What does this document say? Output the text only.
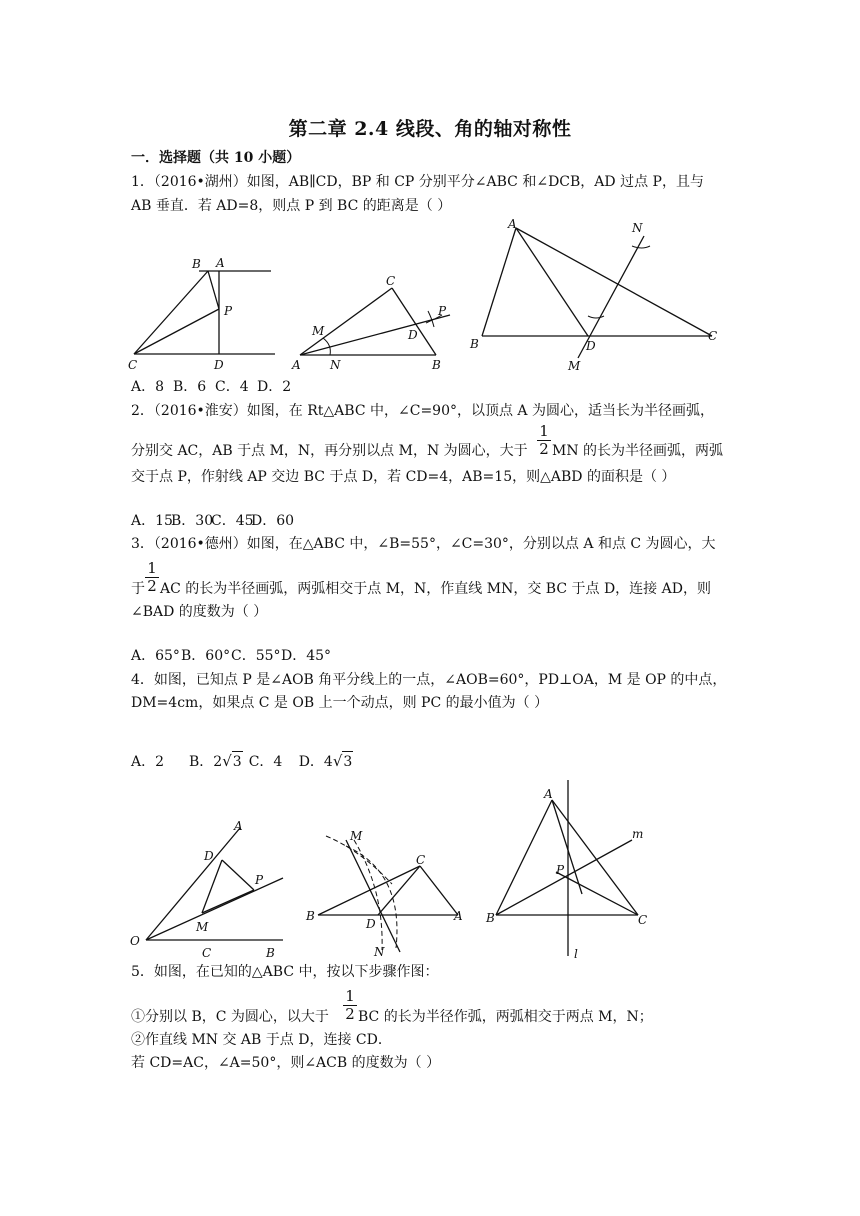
第二章 2.4 线段、角的轴对称性
一．选择题（共 10 小题）
1．（2016•湖州）如图，AB∥CD，BP 和 CP 分别平分∠ABC 和∠DCB，AD 过点 P，且与
AB 垂直．若 AD=8，则点 P 到 BC 的距离是（ ）
B A
P
C	D
C
P
M	D
A N	B
A	N
B	D
C
M
A．8 B．6 C．4 D．2
2．（2016•淮安）如图，在 Rt△ABC 中，∠C=90°，以顶点 A 为圆心，适当长为半径画弧，
分别交 AC，AB 于点 M，N，再分别以点 M，N 为圆心，大于
1
2 MN 的长为半径画弧，两弧
交于点 P，作射线 AP 交边 BC 于点 D，若 CD=4，AB=15，则△ABD 的面积是（ ）
A．15B．30C．45D．60
3．（2016•德州）如图，在△ABC 中，∠B=55°，∠C=30°，分别以点 A 和点 C 为圆心，大
于
1
2 AC 的长为半径画弧，两弧相交于点 M，N，作直线 MN，交 BC 于点 D，连接 AD，则
∠BAD 的度数为（ ）
A．65°B．60°C．55°D．45°
4．如图，已知点 P 是∠AOB 角平分线上的一点，∠AOB=60°，PD⊥OA，M 是 OP 的中点，
DM=4cm，如果点 C 是 OB 上一个动点，则 PC 的最小值为（ ）
A．2 B．2√3 C．4 D．4√3
A
D
P
M
O
C	B
M
C
B
D
A
N
A
m
P
B	C
l
5．如图，在已知的△ABC 中，按以下步骤作图：
①分别以 B，C 为圆心，以大于
1
2 BC 的长为半径作弧，两弧相交于两点 M，N；
②作直线 MN 交 AB 于点 D，连接 CD．
若 CD=AC，∠A=50°，则∠ACB 的度数为（ ）
